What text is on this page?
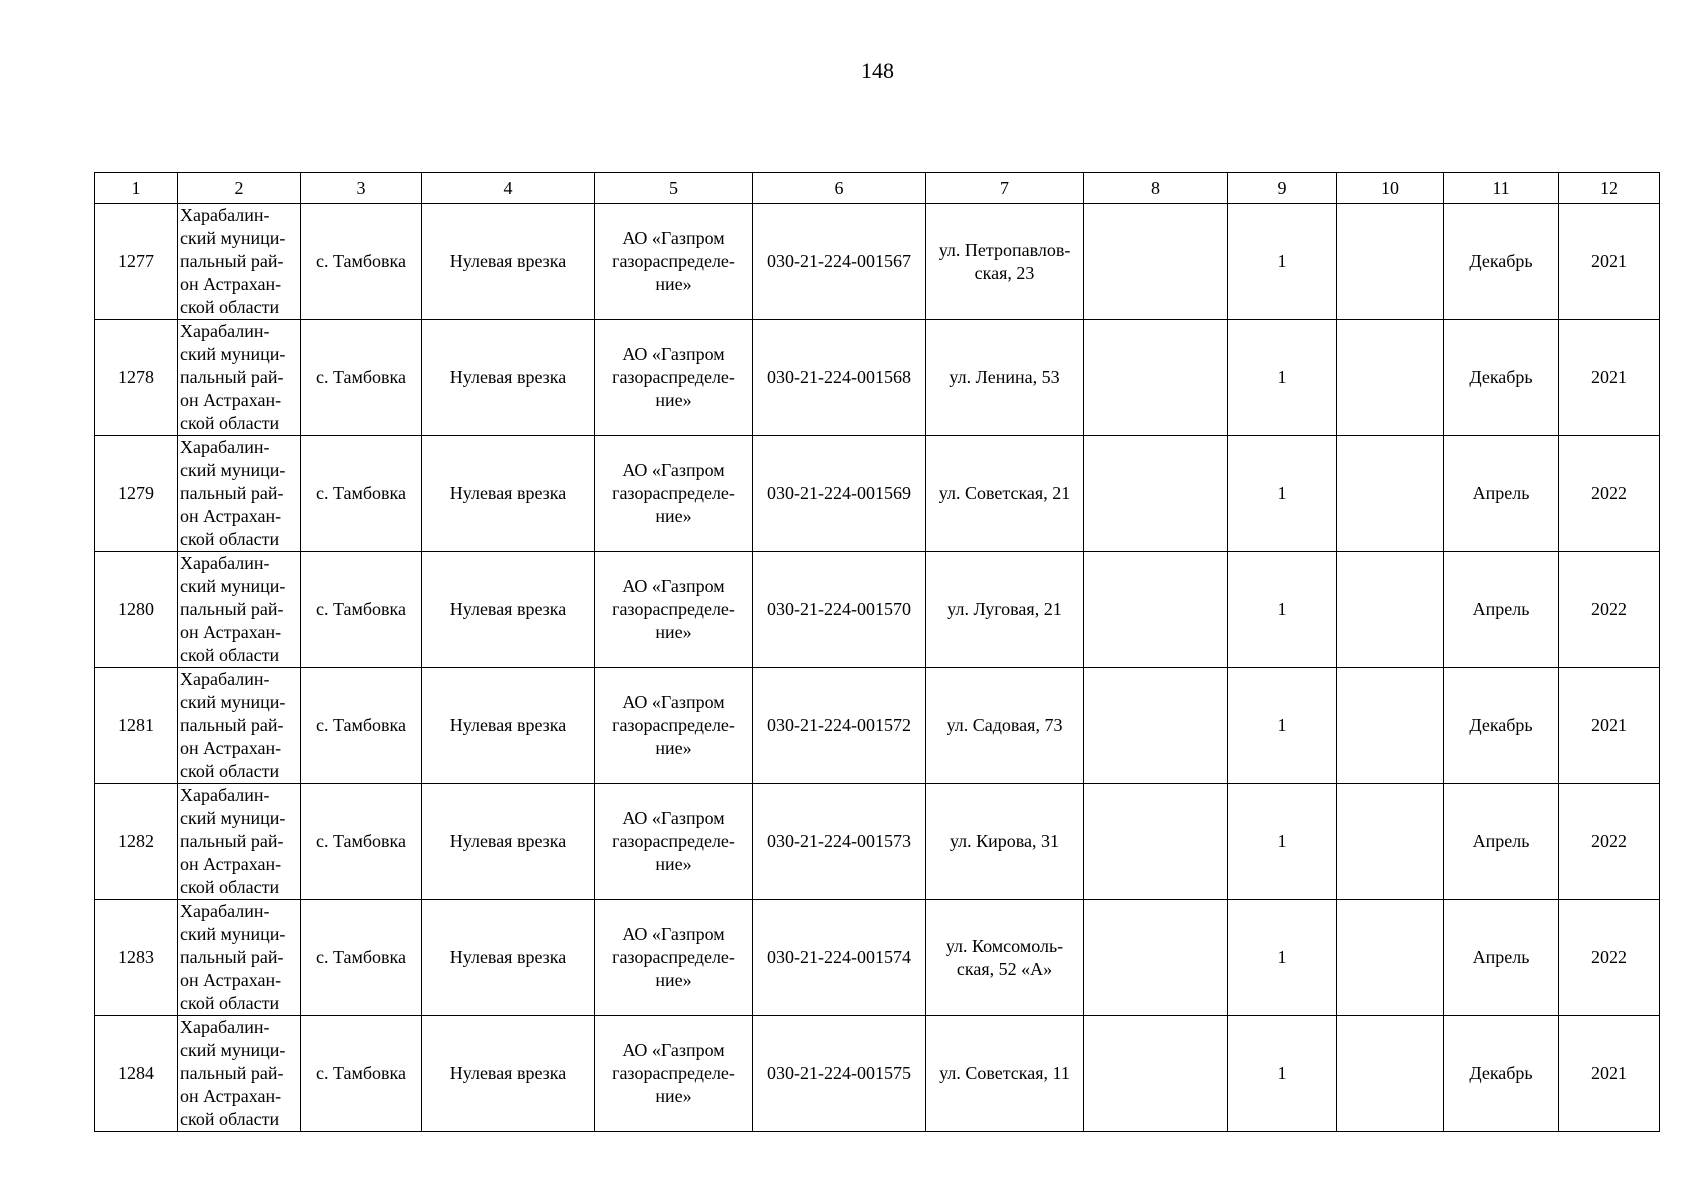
148
1	2	3	4	5	6	7	8	9	10	11	12
1277	Харабалин-
ский муници-
пальный рай-
он Астрахан-
ской области	с. Тамбовка	Нулевая врезка	АО «Газпром
газораспределе-
ние»	030-21-224-001567	ул. Петропавлов-
ская, 23		1		Декабрь	2021
1278	Харабалин-
ский муници-
пальный рай-
он Астрахан-
ской области	с. Тамбовка	Нулевая врезка	АО «Газпром
газораспределе-
ние»	030-21-224-001568	ул. Ленина, 53		1		Декабрь	2021
1279	Харабалин-
ский муници-
пальный рай-
он Астрахан-
ской области	с. Тамбовка	Нулевая врезка	АО «Газпром
газораспределе-
ние»	030-21-224-001569	ул. Советская, 21		1		Апрель	2022
1280	Харабалин-
ский муници-
пальный рай-
он Астрахан-
ской области	с. Тамбовка	Нулевая врезка	АО «Газпром
газораспределе-
ние»	030-21-224-001570	ул. Луговая, 21		1		Апрель	2022
1281	Харабалин-
ский муници-
пальный рай-
он Астрахан-
ской области	с. Тамбовка	Нулевая врезка	АО «Газпром
газораспределе-
ние»	030-21-224-001572	ул. Садовая, 73		1		Декабрь	2021
1282	Харабалин-
ский муници-
пальный рай-
он Астрахан-
ской области	с. Тамбовка	Нулевая врезка	АО «Газпром
газораспределе-
ние»	030-21-224-001573	ул. Кирова, 31		1		Апрель	2022
1283	Харабалин-
ский муници-
пальный рай-
он Астрахан-
ской области	с. Тамбовка	Нулевая врезка	АО «Газпром
газораспределе-
ние»	030-21-224-001574	ул. Комсомоль-
ская, 52 «А»		1		Апрель	2022
1284	Харабалин-
ский муници-
пальный рай-
он Астрахан-
ской области	с. Тамбовка	Нулевая врезка	АО «Газпром
газораспределе-
ние»	030-21-224-001575	ул. Советская, 11		1		Декабрь	2021
